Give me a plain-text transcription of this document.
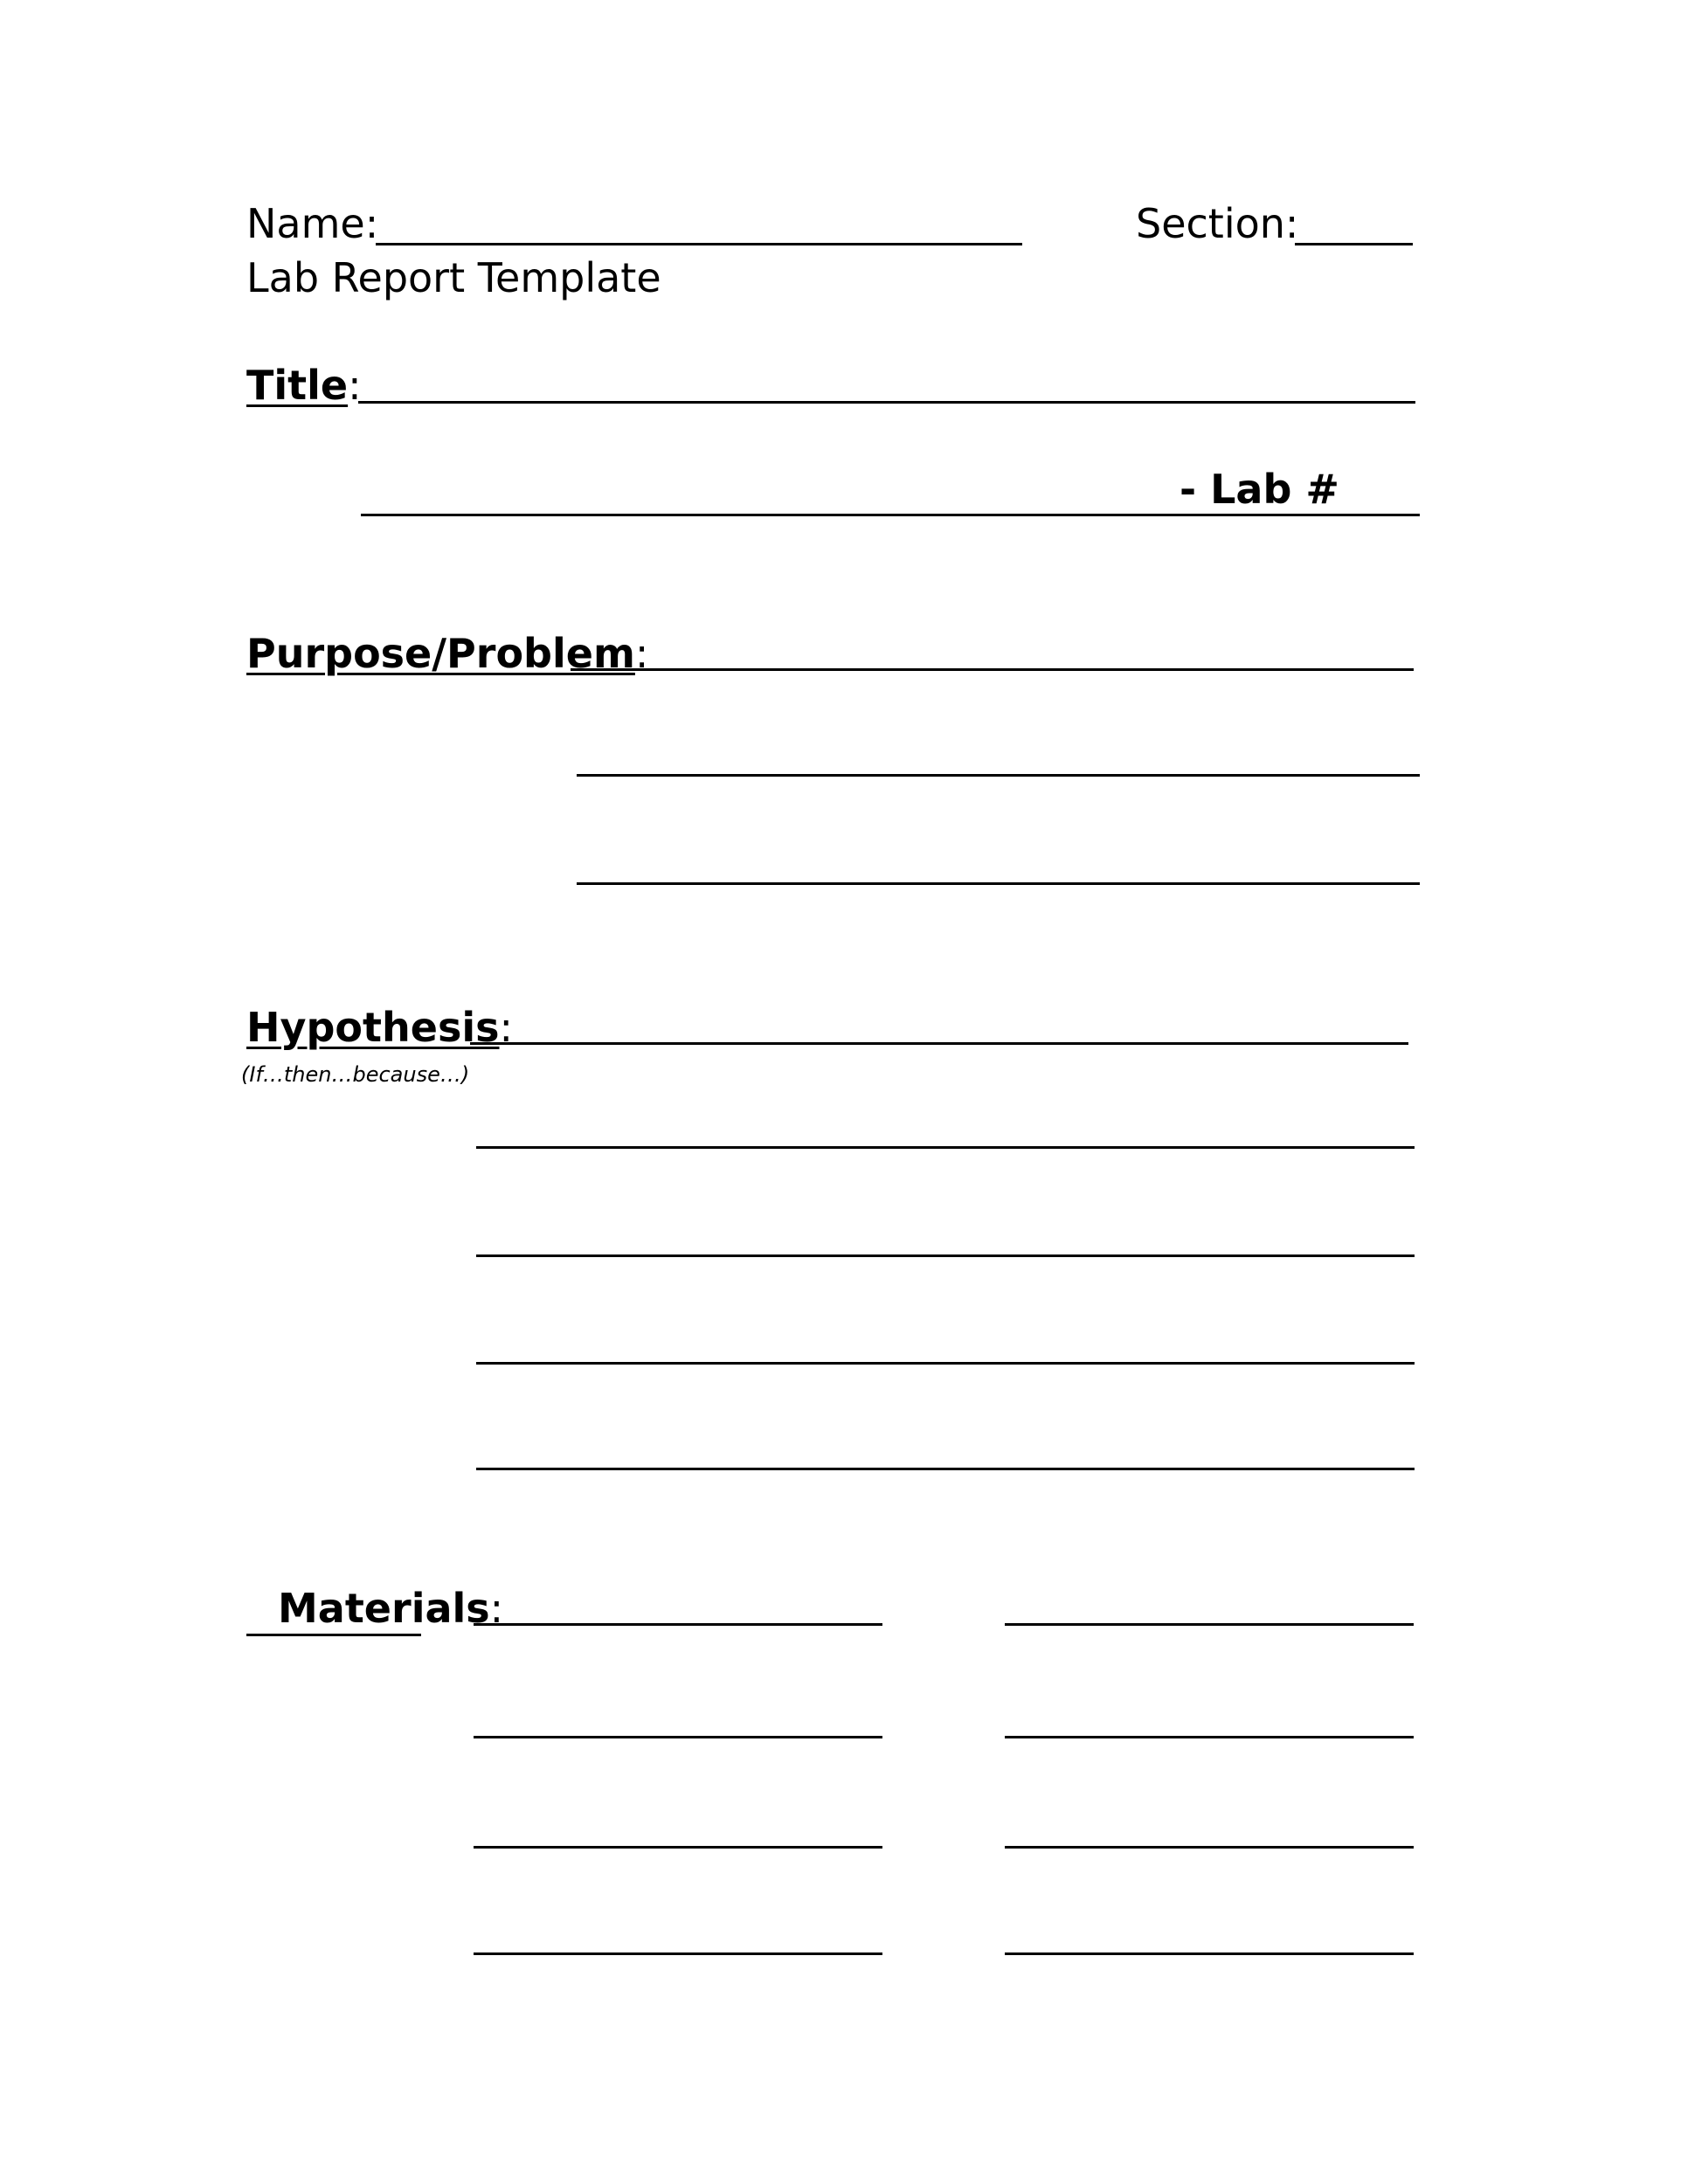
Name:	Section:
Lab Report Template
Title:
- Lab #
Purpose/Problem:
Hypothesis:
(If…then…because…)
Materials:
